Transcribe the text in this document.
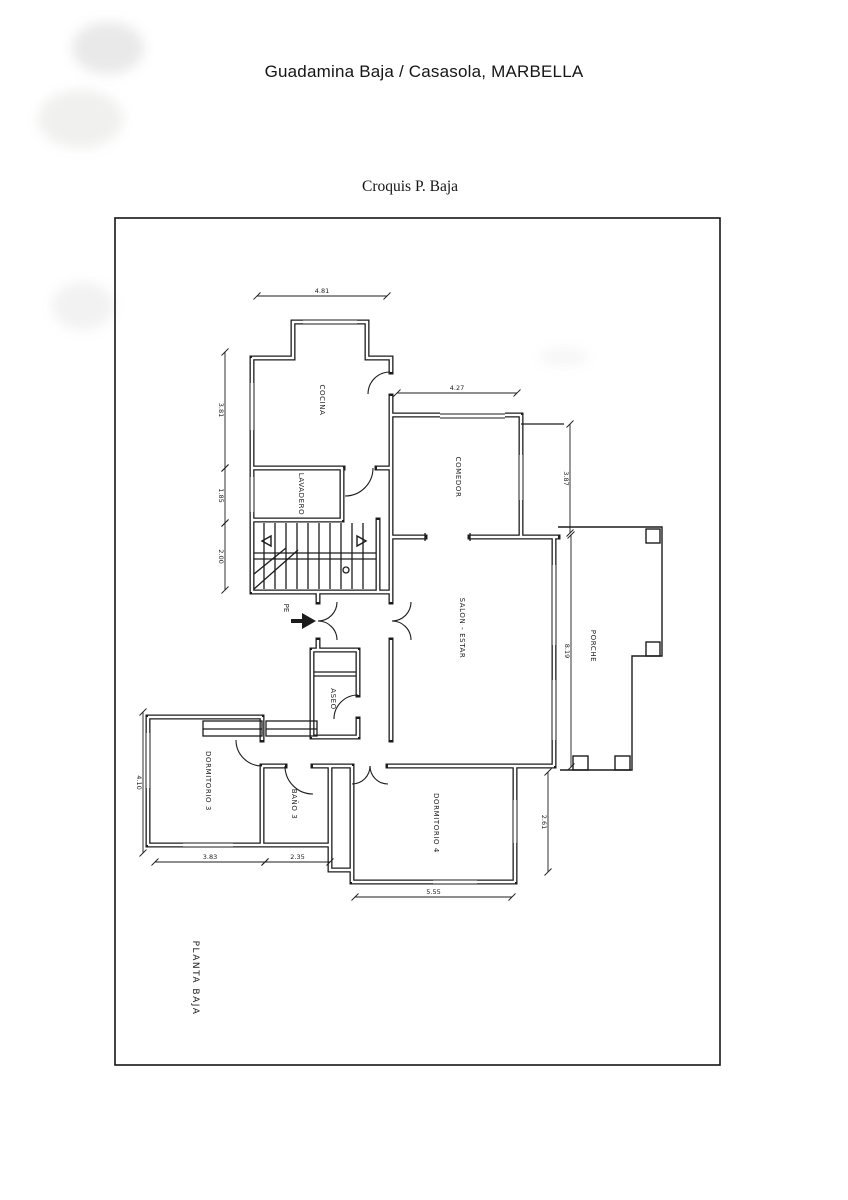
Guadamina Baja / Casasola, MARBELLA
Croquis P. Baja
PE
PLANTA BAJA
COCINA
LAVADERO	COMEDOR
SALON - ESTAR
ASEO
DORMITORIO 3	BAÑO 3	DORMITORIO 4
PORCHE
4.81
3.81
1.85
2.00
4.27
3.87
8.19
4.10
3.83	2.35
5.55
2.61
